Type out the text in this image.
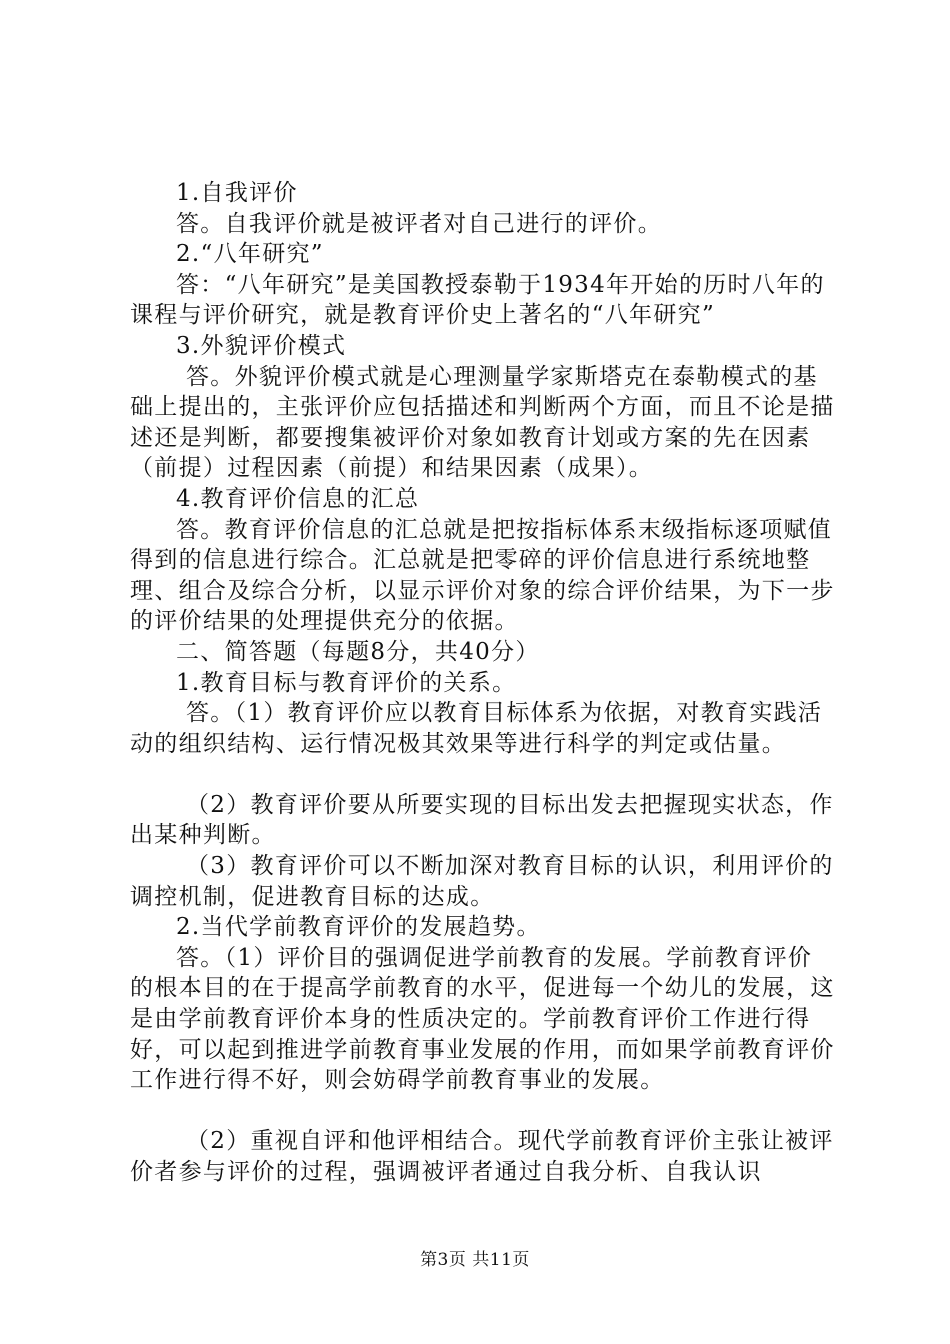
1.自我评价

答。自我评价就是被评者对自己进行的评价。

2.“八年研究”

答：“八年研究”是美国教授泰勒于1934年开始的历时八年的课程与评价研究，就是教育评价史上著名的“八年研究”

3.外貌评价模式

答。外貌评价模式就是心理测量学家斯塔克在泰勒模式的基础上提出的，主张评价应包括描述和判断两个方面，而且不论是描述还是判断，都要搜集被评价对象如教育计划或方案的先在因素（前提）过程因素（前提）和结果因素（成果）。

4.教育评价信息的汇总

答。教育评价信息的汇总就是把按指标体系末级指标逐项赋值得到的信息进行综合。汇总就是把零碎的评价信息进行系统地整理、组合及综合分析，以显示评价对象的综合评价结果，为下一步的评价结果的处理提供充分的依据。

二、简答题（每题8分，共40分）

1.教育目标与教育评价的关系。

答。（1）教育评价应以教育目标体系为依据，对教育实践活动的组织结构、运行情况极其效果等进行科学的判定或估量。

（2）教育评价要从所要实现的目标出发去把握现实状态，作出某种判断。

（3）教育评价可以不断加深对教育目标的认识，利用评价的调控机制，促进教育目标的达成。

2.当代学前教育评价的发展趋势。

答。（1）评价目的强调促进学前教育的发展。学前教育评价的根本目的在于提高学前教育的水平，促进每一个幼儿的发展，这是由学前教育评价本身的性质决定的。学前教育评价工作进行得好，可以起到推进学前教育事业发展的作用，而如果学前教育评价工作进行得不好，则会妨碍学前教育事业的发展。

（2）重视自评和他评相结合。现代学前教育评价主张让被评价者参与评价的过程，强调被评者通过自我分析、自我认识

第3页 共11页
